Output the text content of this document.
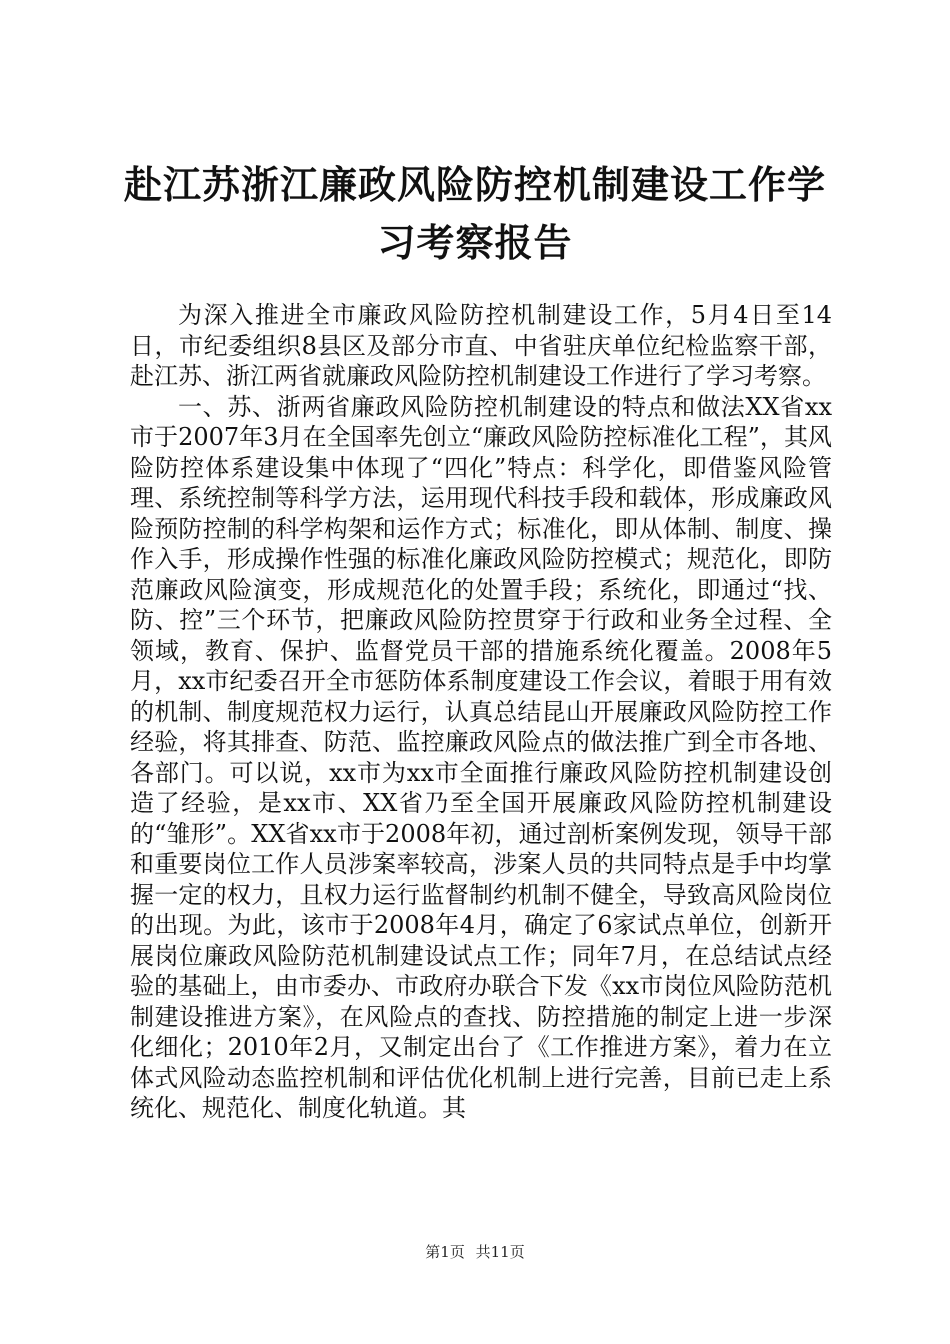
赴江苏浙江廉政风险防控机制建设工作学习考察报告

为深入推进全市廉政风险防控机制建设工作，5月4日至14日，市纪委组织8县区及部分市直、中省驻庆单位纪检监察干部，赴江苏、浙江两省就廉政风险防控机制建设工作进行了学习考察。

一、苏、浙两省廉政风险防控机制建设的特点和做法XX省xx市于2007年3月在全国率先创立“廉政风险防控标准化工程”，其风险防控体系建设集中体现了“四化”特点：科学化，即借鉴风险管理、系统控制等科学方法，运用现代科技手段和载体，形成廉政风险预防控制的科学构架和运作方式；标准化，即从体制、制度、操作入手，形成操作性强的标准化廉政风险防控模式；规范化，即防范廉政风险演变，形成规范化的处置手段；系统化，即通过“找、防、控”三个环节，把廉政风险防控贯穿于行政和业务全过程、全领域，教育、保护、监督党员干部的措施系统化覆盖。2008年5月，xx市纪委召开全市惩防体系制度建设工作会议，着眼于用有效的机制、制度规范权力运行，认真总结昆山开展廉政风险防控工作经验，将其排查、防范、监控廉政风险点的做法推广到全市各地、各部门。可以说，xx市为xx市全面推行廉政风险防控机制建设创造了经验，是xx市、XX省乃至全国开展廉政风险防控机制建设的“雏形”。XX省xx市于2008年初，通过剖析案例发现，领导干部和重要岗位工作人员涉案率较高，涉案人员的共同特点是手中均掌握一定的权力，且权力运行监督制约机制不健全，导致高风险岗位的出现。为此，该市于2008年4月，确定了6家试点单位，创新开展岗位廉政风险防范机制建设试点工作；同年7月，在总结试点经验的基础上，由市委办、市政府办联合下发《xx市岗位风险防范机制建设推进方案》，在风险点的查找、防控措施的制定上进一步深化细化；2010年2月，又制定出台了《工作推进方案》，着力在立体式风险动态监控机制和评估优化机制上进行完善，目前已走上系统化、规范化、制度化轨道。其

第1页 共11页
